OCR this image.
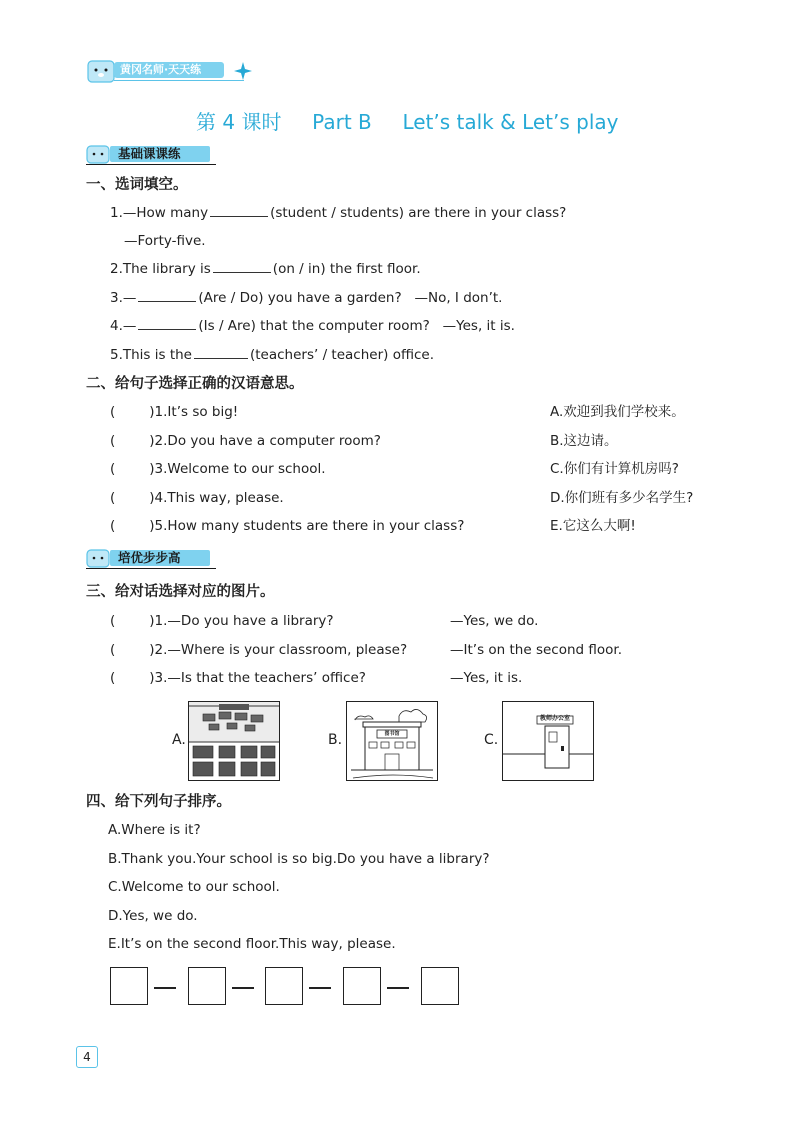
黄冈名师·天天练
第 4 课时 Part B Let’s talk & Let’s play
基础课课练
一、选词填空。
1.—How many	(student / students) are there in your class?
—Forty-five.
2.The library is	(on / in) the first floor.
3.—	(Are / Do) you have a garden?   —No, I don’t.
4.—	(Is / Are) that the computer room?   —Yes, it is.
5.This is the	(teachers’ / teacher) office.
二、给句子选择正确的汉语意思。
(	)1.It’s so big!	A.欢迎到我们学校来。
(	)2.Do you have a computer room?	B.这边请。
(	)3.Welcome to our school.	C.你们有计算机房吗?
(	)4.This way, please.	D.你们班有多少名学生?
(	)5.How many students are there in your class?	E.它这么大啊!
培优步步高
三、给对话选择对应的图片。
(	)1.—Do you have a library?	—Yes, we do.
(	)2.—Where is your classroom, please?	—It’s on the second floor.
(	)3.—Is that the teachers’ office?	—Yes, it is.
A.	B.	图书馆	C.
教师办公室
四、给下列句子排序。
A.Where is it?
B.Thank you.Your school is so big.Do you have a library?
C.Welcome to our school.
D.Yes, we do.
E.It’s on the second floor.This way, please.
4
